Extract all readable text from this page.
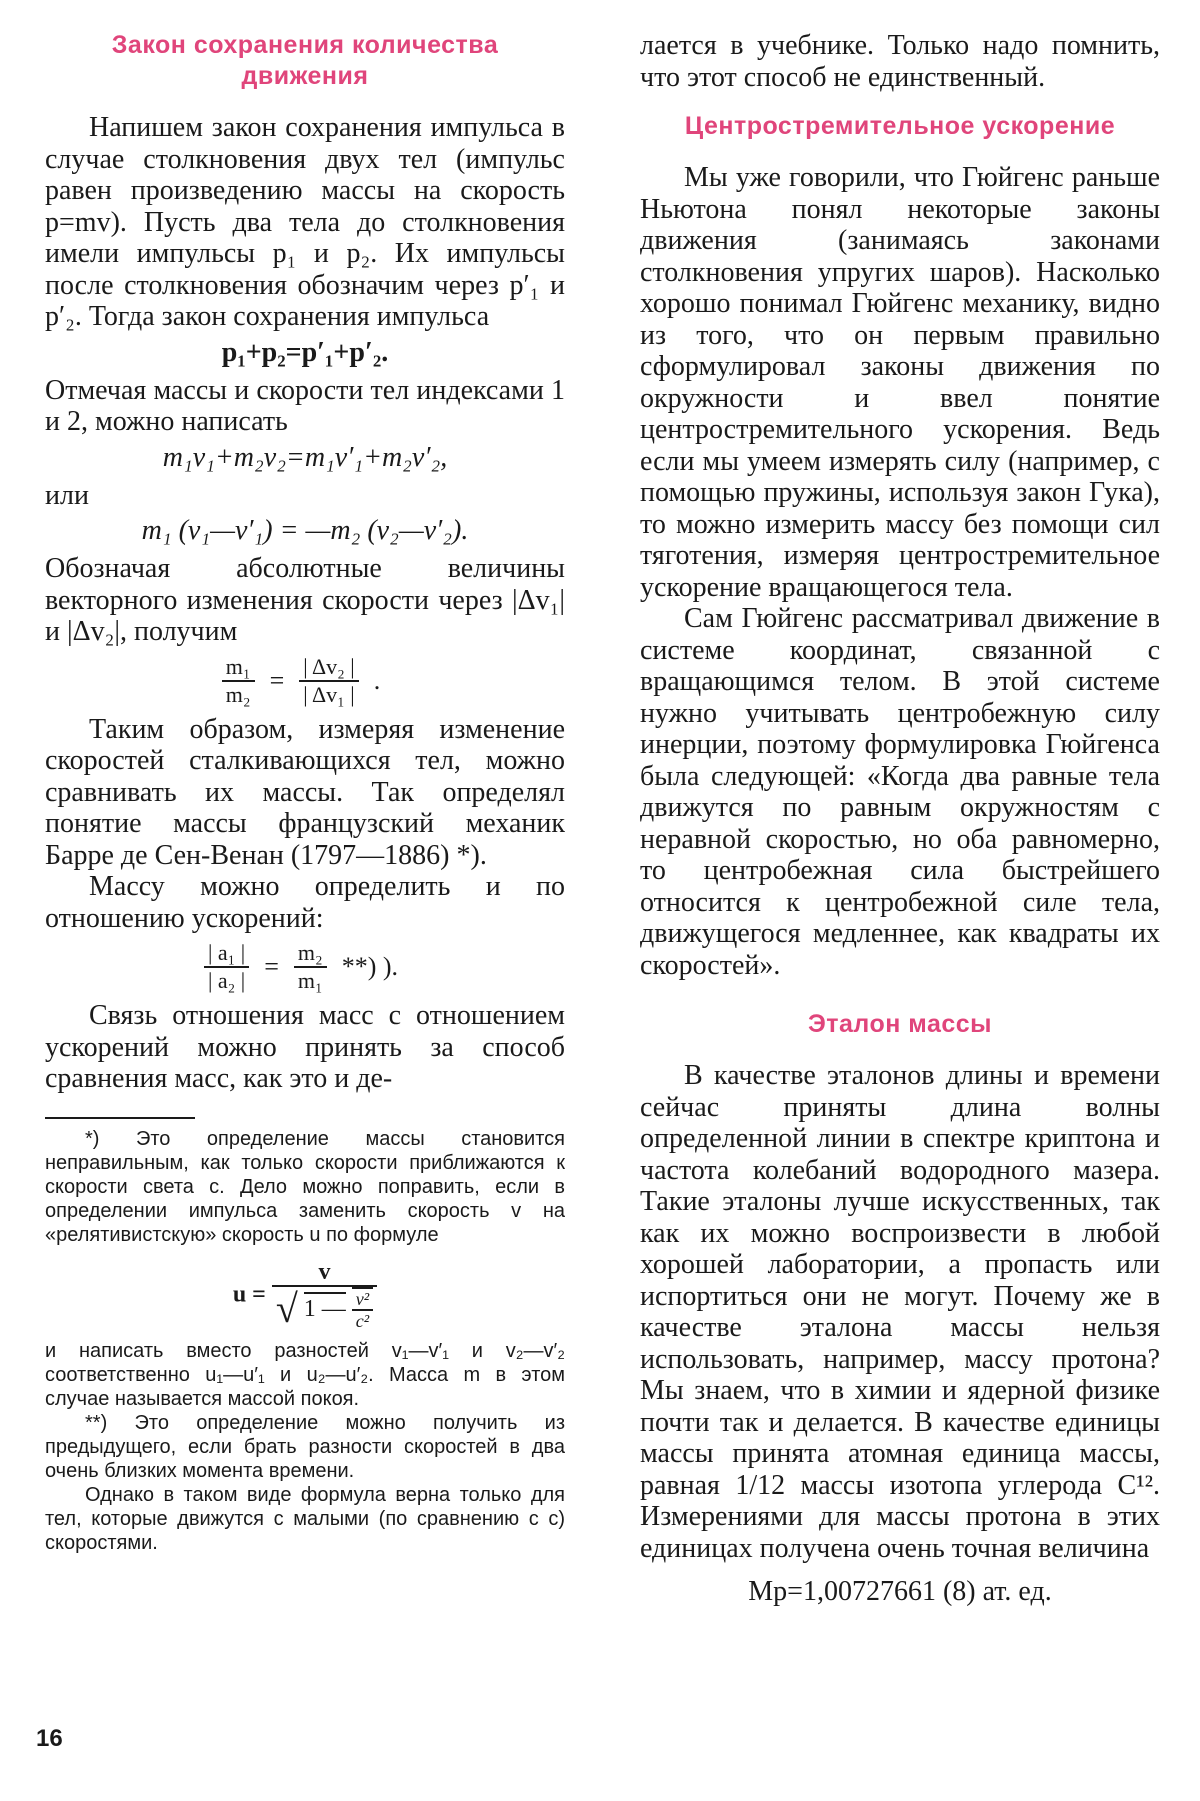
Закон сохранения количества движения

Напишем закон сохранения импульса в случае столкновения двух тел (импульс равен произведению массы на скорость p=mv). Пусть два тела до столкновения имели импульсы p₁ и p₂. Их импульсы после столкновения обозначим через p′₁ и p′₂. Тогда закон сохранения импульса

p₁+p₂=p′₁+p′₂.

Отмечая массы и скорости тел индексами 1 и 2, можно написать

m₁v₁+m₂v₂=m₁v′₁+m₂v′₂,

или

m₁ (v₁—v′₁) = —m₂ (v₂—v′₂).

Обозначая абсолютные величины векторного изменения скорости через |Δv₁| и |Δv₂|, получим

$\frac{\text{m₁}}{\text{m₂}} = \frac{\text{| Δv₂ |}}{\text{| Δv₁ |}}$ .

Таким образом, измеряя изменение скоростей сталкивающихся тел, можно сравнивать их массы. Так определял понятие массы французский механик Барре де Сен-Венан (1797—1886) *).

Массу можно определить и по отношению ускорений:

$\frac{\text{| a₁ |}}{\text{| a₂ |}} = \frac{\text{m₂}}{\text{m₁}}$ **) ).

Связь отношения масс с отношением ускорений можно принять за способ сравнения масс, как это и де-

*) Это определение массы становится неправильным, как только скорости приближаются к скорости света c. Дело можно поправить, если в определении импульса заменить скорость v на «релятивистскую» скорость u по формуле

$u = \frac{v}{√ 1 — \frac{\text{v²}}{\text{c²}}}$

и написать вместо разностей v₁—v′₁ и v₂—v′₂ соответственно u₁—u′₁ и u₂—u′₂. Масса m в этом случае называется массой покоя.

**) Это определение можно получить из предыдущего, если брать разности скоростей в два очень близких момента времени.

Однако в таком виде формула верна только для тел, которые движутся с малыми (по сравнению с c) скоростями.

лается в учебнике. Только надо помнить, что этот способ не единственный.

Центростремительное ускорение

Мы уже говорили, что Гюйгенс раньше Ньютона понял некоторые законы движения (занимаясь законами столкновения упругих шаров). Насколько хорошо понимал Гюйгенс механику, видно из того, что он первым правильно сформулировал законы движения по окружности и ввел понятие центростремительного ускорения. Ведь если мы умеем измерять силу (например, с помощью пружины, используя закон Гука), то можно измерить массу без помощи сил тяготения, измеряя центростремительное ускорение вращающегося тела.

Сам Гюйгенс рассматривал движение в системе координат, связанной с вращающимся телом. В этой системе нужно учитывать центробежную силу инерции, поэтому формулировка Гюйгенса была следующей: «Когда два равные тела движутся по равным окружностям с неравной скоростью, но оба равномерно, то центробежная сила быстрейшего относится к центробежной силе тела, движущегося медленнее, как квадраты их скоростей».

Эталон массы

В качестве эталонов длины и времени сейчас приняты длина волны определенной линии в спектре криптона и частота колебаний водородного мазера. Такие эталоны лучше искусственных, так как их можно воспроизвести в любой хорошей лаборатории, а пропасть или испортиться они не могут. Почему же в качестве эталона массы нельзя использовать, например, массу протона? Мы знаем, что в химии и ядерной физике почти так и делается. В качестве единицы массы принята атомная единица массы, равная 1/12 массы изотопа углерода C¹². Измерениями для массы протона в этих единицах получена очень точная величина

Mp=1,00727661 (8) ат. ед.
16
